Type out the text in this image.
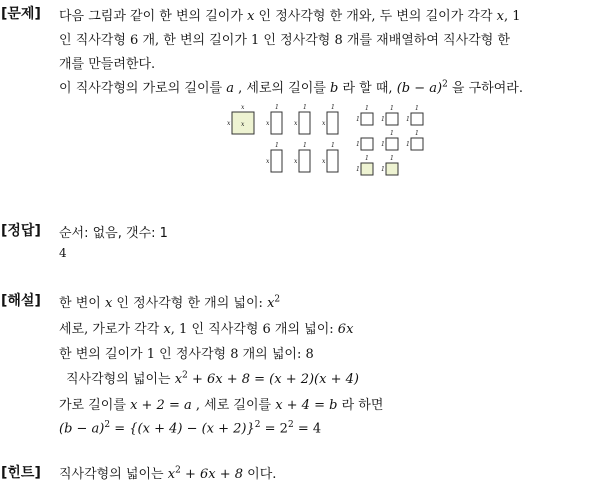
[문제] 다음 그림과 같이 한 변의 길이가 x 인 정사각형 한 개와, 두 변의 길이가 각각 x, 1
인 직사각형 6 개, 한 변의 길이가 1 인 정사각형 8 개를 재배열하여 직사각형 한
개를 만들려한다.
이 직사각형의 가로의 길이를 a , 세로의 길이를 b 라 할 때, $(b - a)^2$ 을 구하여라.
x
x x
1
x
1
x
1
x
1
x
1
x
1
x
1
1
1
1
1
1
1
1
1
1
1
1
1
1
1
[정답] 순서: 없음, 갯수: 1
4
[해설] 한 변이 x 인 정사각형 한 개의 넓이: $x^2$
세로, 가로가 각각 x, 1 인 직사각형 6 개의 넓이: 6x
한 변의 길이가 1 인 정사각형 8 개의 넓이: 8
직사각형의 넓이는 $x^2 + 6x + 8 = (x + 2)(x + 4)$
가로 길이를 x + 2 = a , 세로 길이를 x + 4 = b 라 하면
$(b - a)^2 = \{(x + 4) - (x + 2)\}^2 = 2^2 = 4$
[힌트] 직사각형의 넓이는 $x^2 + 6x + 8$ 이다.
